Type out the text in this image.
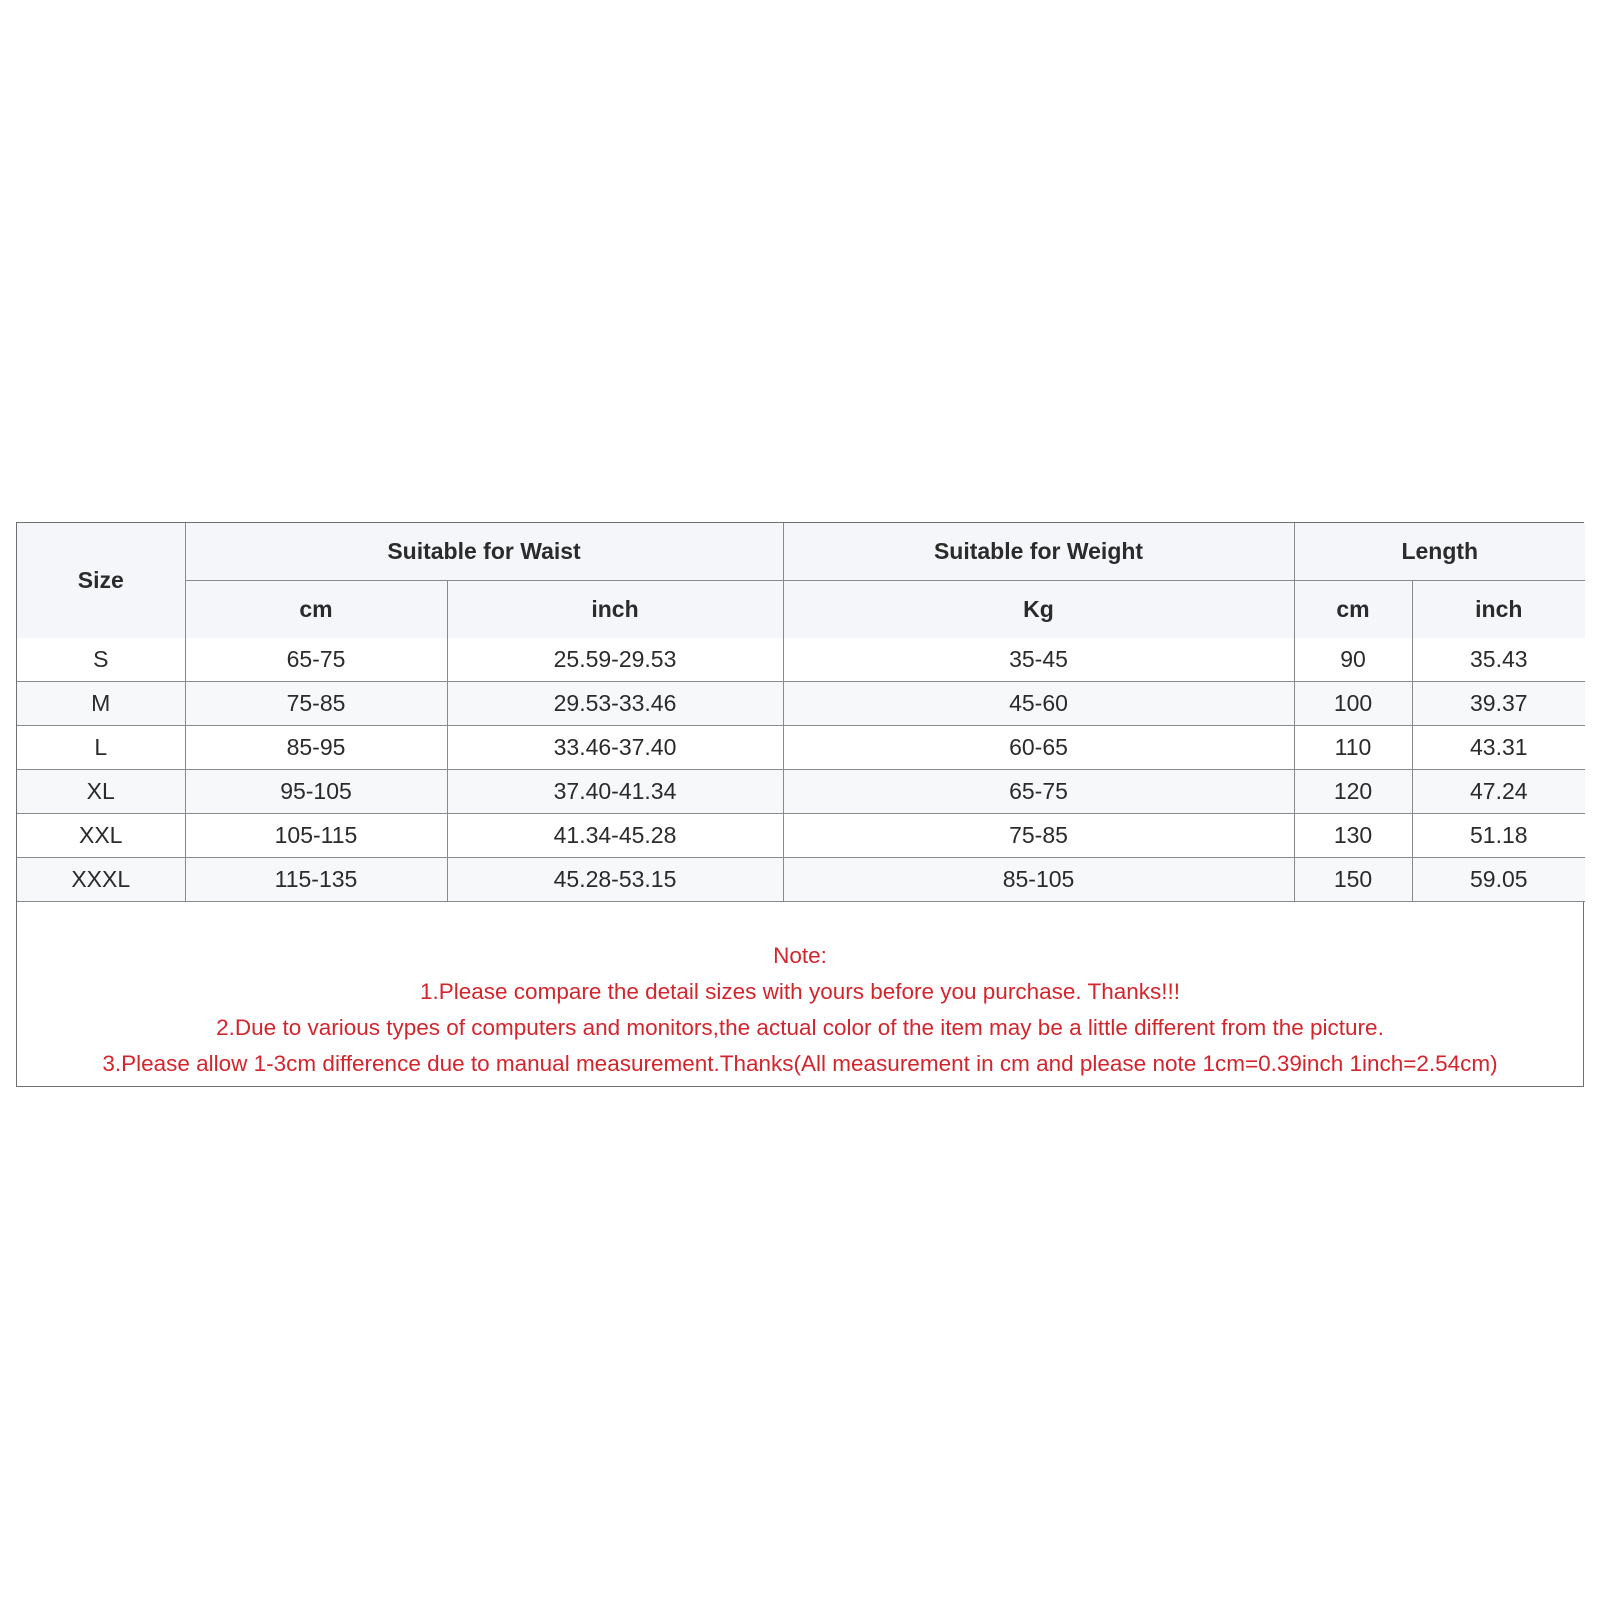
Size	Suitable for Waist		Suitable for Weight	Length	
	cm	inch	Kg	cm	inch
S	65-75	25.59-29.53	35-45	90	35.43
M	75-85	29.53-33.46	45-60	100	39.37
L	85-95	33.46-37.40	60-65	110	43.31
XL	95-105	37.40-41.34	65-75	120	47.24
XXL	105-115	41.34-45.28	75-85	130	51.18
XXXL	115-135	45.28-53.15	85-105	150	59.05
Note:
1.Please compare the detail sizes with yours before you purchase. Thanks!!!
2.Due to various types of computers and monitors,the actual color of the item may be a little different from the picture.
3.Please allow 1-3cm difference due to manual measurement.Thanks(All measurement in cm and please note 1cm=0.39inch 1inch=2.54cm)
